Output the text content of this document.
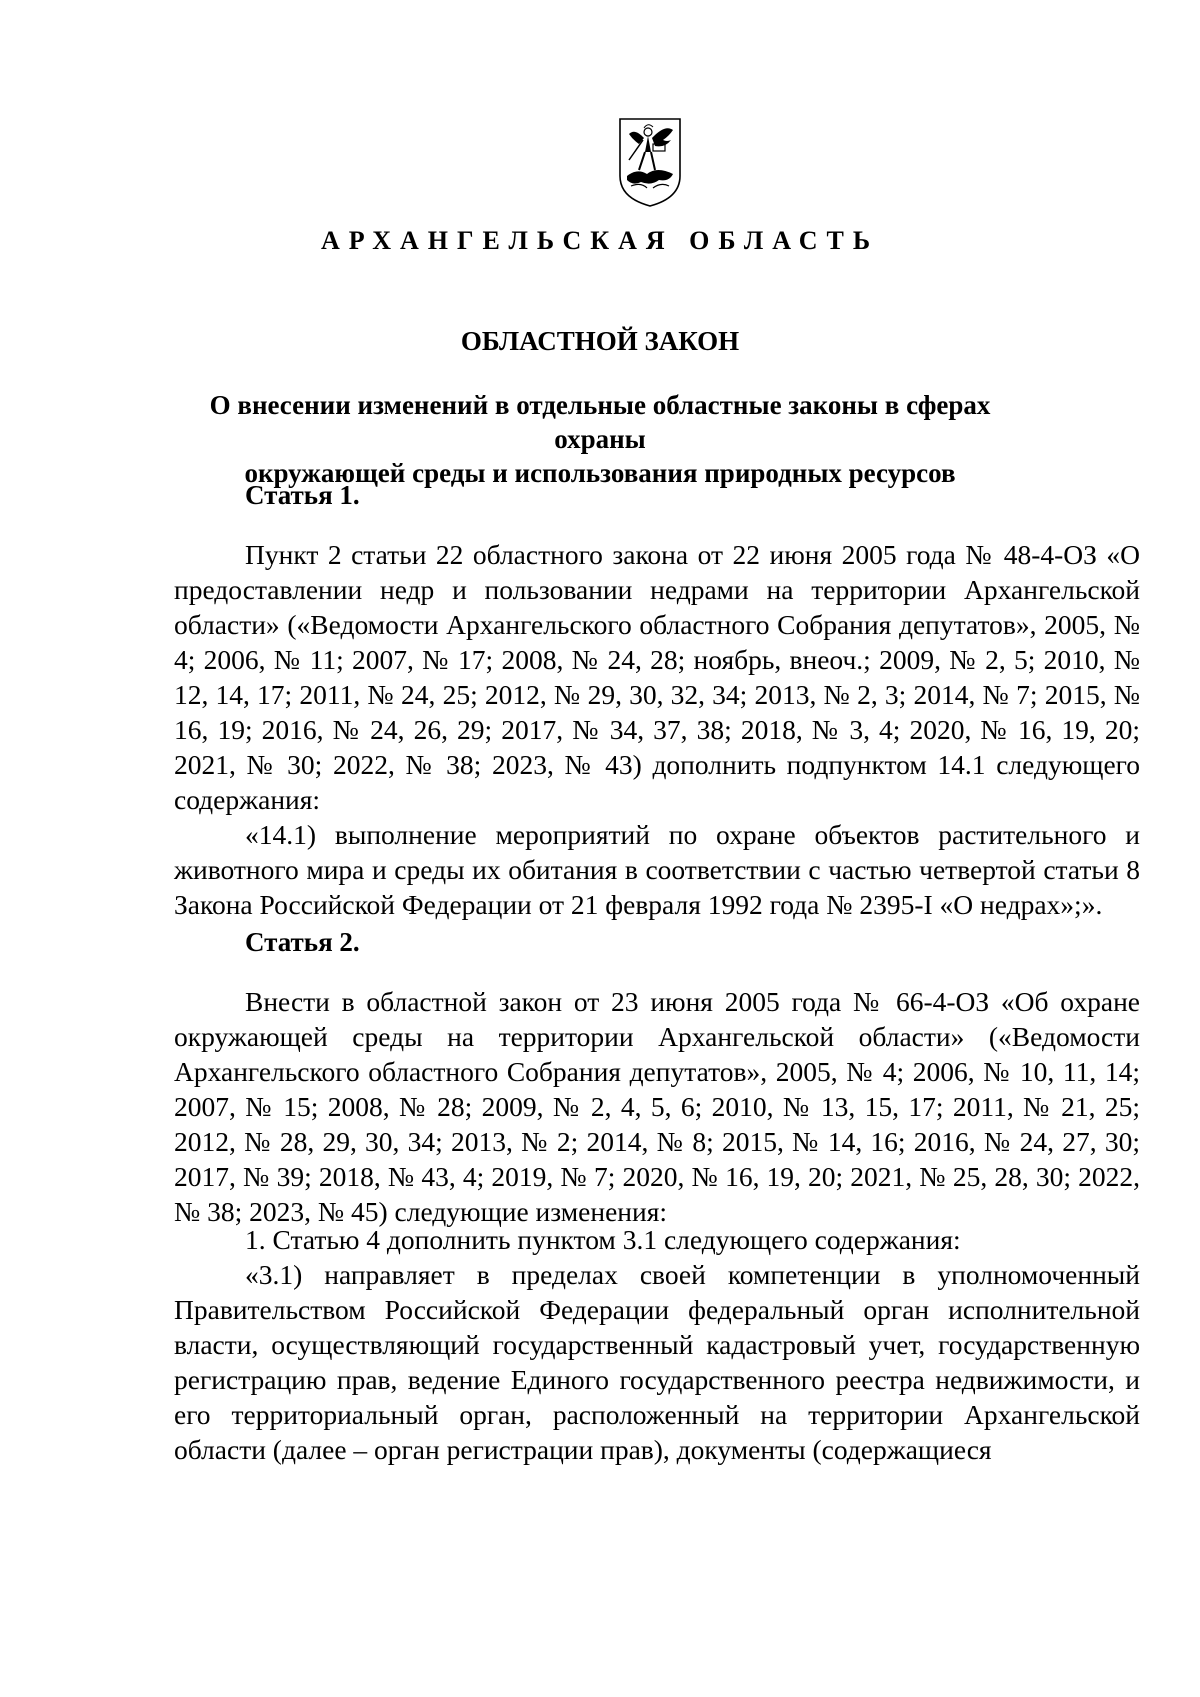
АРХАНГЕЛЬСКАЯ ОБЛАСТЬ
ОБЛАСТНОЙ ЗАКОН
О внесении изменений в отдельные областные законы в сферах охраны
окружающей среды и использования природных ресурсов
Статья 1.

Пункт 2 статьи 22 областного закона от 22 июня 2005 года № 48-4-ОЗ «О предоставлении недр и пользовании недрами на территории Архангельской области» («Ведомости Архангельского областного Собрания депутатов», 2005, № 4; 2006, № 11; 2007, № 17; 2008, № 24, 28; ноябрь, внеоч.; 2009, № 2, 5; 2010, № 12, 14, 17; 2011, № 24, 25; 2012, № 29, 30, 32, 34; 2013, № 2, 3; 2014, № 7; 2015, № 16, 19; 2016, № 24, 26, 29; 2017, № 34, 37, 38; 2018, № 3, 4; 2020, № 16, 19, 20; 2021, № 30; 2022, № 38; 2023, № 43) дополнить подпунктом 14.1 следующего содержания:

«14.1) выполнение мероприятий по охране объектов растительного и животного мира и среды их обитания в соответствии с частью четвертой статьи 8 Закона Российской Федерации от 21 февраля 1992 года № 2395-I «О недрах»;».

Статья 2.

Внести в областной закон от 23 июня 2005 года № 66-4-ОЗ «Об охране окружающей среды на территории Архангельской области» («Ведомости Архангельского областного Собрания депутатов», 2005, № 4; 2006, № 10, 11, 14; 2007, № 15; 2008, № 28; 2009, № 2, 4, 5, 6; 2010, № 13, 15, 17; 2011, № 21, 25; 2012, № 28, 29, 30, 34; 2013, № 2; 2014, № 8; 2015, № 14, 16; 2016, № 24, 27, 30; 2017, № 39; 2018, № 43, 4; 2019, № 7; 2020, № 16, 19, 20; 2021, № 25, 28, 30; 2022, № 38; 2023, № 45) следующие изменения:

1. Статью 4 дополнить пунктом 3.1 следующего содержания:

«3.1) направляет в пределах своей компетенции в уполномоченный Правительством Российской Федерации федеральный орган исполнительной власти, осуществляющий государственный кадастровый учет, государственную регистрацию прав, ведение Единого государственного реестра недвижимости, и его территориальный орган, расположенный на территории Архангельской области (далее – орган регистрации прав), документы (содержащиеся
